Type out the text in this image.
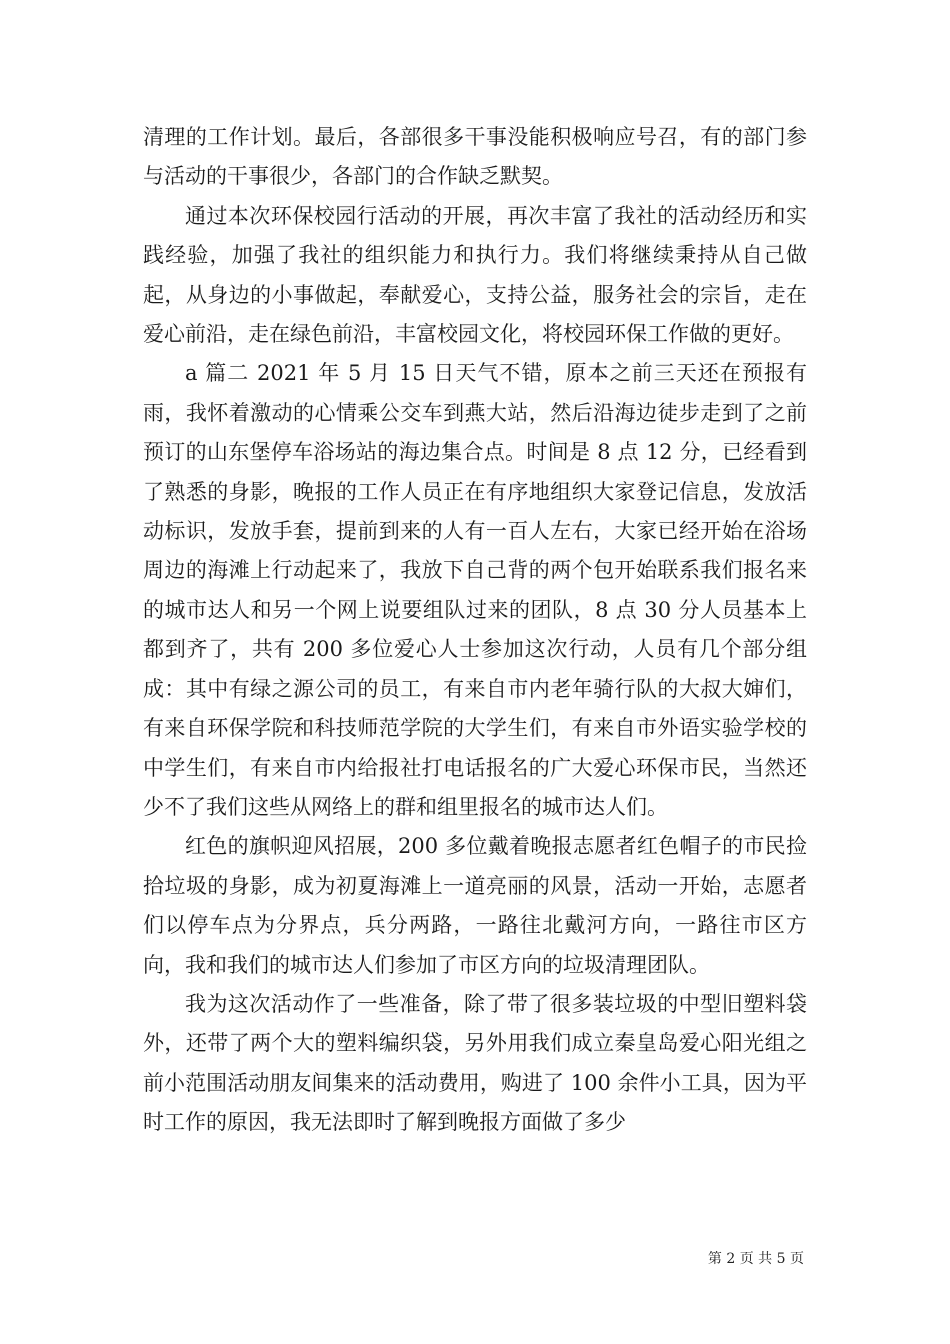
清理的工作计划。最后，各部很多干事没能积极响应号召，有的部门参与活动的干事很少，各部门的合作缺乏默契。

通过本次环保校园行活动的开展，再次丰富了我社的活动经历和实践经验，加强了我社的组织能力和执行力。我们将继续秉持从自己做起，从身边的小事做起，奉献爱心，支持公益，服务社会的宗旨，走在爱心前沿，走在绿色前沿，丰富校园文化，将校园环保工作做的更好。

a 篇二 2021 年 5 月 15 日天气不错，原本之前三天还在预报有雨，我怀着激动的心情乘公交车到燕大站，然后沿海边徒步走到了之前预订的山东堡停车浴场站的海边集合点。时间是 8 点 12 分，已经看到了熟悉的身影，晚报的工作人员正在有序地组织大家登记信息，发放活动标识，发放手套，提前到来的人有一百人左右，大家已经开始在浴场周边的海滩上行动起来了，我放下自己背的两个包开始联系我们报名来的城市达人和另一个网上说要组队过来的团队，8 点 30 分人员基本上都到齐了，共有 200 多位爱心人士参加这次行动，人员有几个部分组成：其中有绿之源公司的员工，有来自市内老年骑行队的大叔大婶们，有来自环保学院和科技师范学院的大学生们，有来自市外语实验学校的中学生们，有来自市内给报社打电话报名的广大爱心环保市民，当然还少不了我们这些从网络上的群和组里报名的城市达人们。

红色的旗帜迎风招展，200 多位戴着晚报志愿者红色帽子的市民捡拾垃圾的身影，成为初夏海滩上一道亮丽的风景，活动一开始，志愿者们以停车点为分界点，兵分两路，一路往北戴河方向，一路往市区方向，我和我们的城市达人们参加了市区方向的垃圾清理团队。

我为这次活动作了一些准备，除了带了很多装垃圾的中型旧塑料袋外，还带了两个大的塑料编织袋，另外用我们成立秦皇岛爱心阳光组之前小范围活动朋友间集来的活动费用，购进了 100 余件小工具，因为平时工作的原因，我无法即时了解到晚报方面做了多少

第 2 页 共 5 页
